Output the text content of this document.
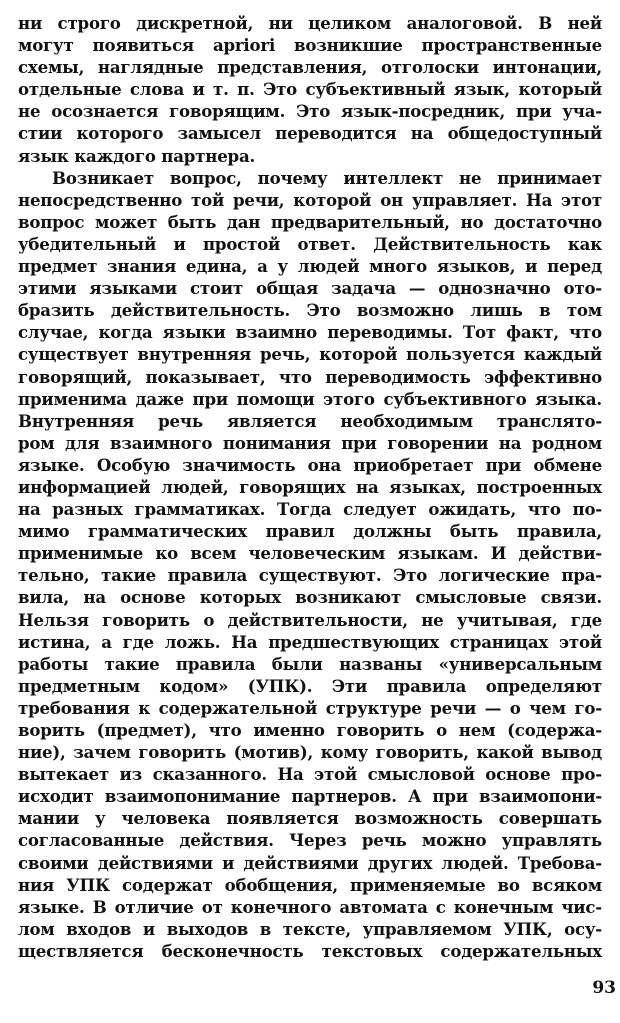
ни строго дискретной, ни целиком аналоговой. В ней
могут появиться apriori возникшие пространственные
схемы, наглядные представления, отголоски интонации,
отдельные слова и т. п. Это субъективный язык, который
не осознается говорящим. Это язык-посредник, при уча-
стии которого замысел переводится на общедоступный
язык каждого партнера.
Возникает вопрос, почему интеллект не принимает
непосредственно той речи, которой он управляет. На этот
вопрос может быть дан предварительный, но достаточно
убедительный и простой ответ. Действительность как
предмет знания едина, а у людей много языков, и перед
этими языками стоит общая задача — однозначно ото-
бразить действительность. Это возможно лишь в том
случае, когда языки взаимно переводимы. Тот факт, что
существует внутренняя речь, которой пользуется каждый
говорящий, показывает, что переводимость эффективно
применима даже при помощи этого субъективного языка.
Внутренняя речь является необходимым транслято-
ром для взаимного понимания при говорении на родном
языке. Особую значимость она приобретает при обмене
информацией людей, говорящих на языках, построенных
на разных грамматиках. Тогда следует ожидать, что по-
мимо грамматических правил должны быть правила,
применимые ко всем человеческим языкам. И действи-
тельно, такие правила существуют. Это логические пра-
вила, на основе которых возникают смысловые связи.
Нельзя говорить о действительности, не учитывая, где
истина, а где ложь. На предшествующих страницах этой
работы такие правила были названы «универсальным
предметным кодом» (УПК). Эти правила определяют
требования к содержательной структуре речи — о чем го-
ворить (предмет), что именно говорить о нем (содержа-
ние), зачем говорить (мотив), кому говорить, какой вывод
вытекает из сказанного. На этой смысловой основе про-
исходит взаимопонимание партнеров. А при взаимопони-
мании у человека появляется возможность совершать
согласованные действия. Через речь можно управлять
своими действиями и действиями других людей. Требова-
ния УПК содержат обобщения, применяемые во всяком
языке. В отличие от конечного автомата с конечным чис-
лом входов и выходов в тексте, управляемом УПК, осу-
ществляется бесконечность текстовых содержательных
93
